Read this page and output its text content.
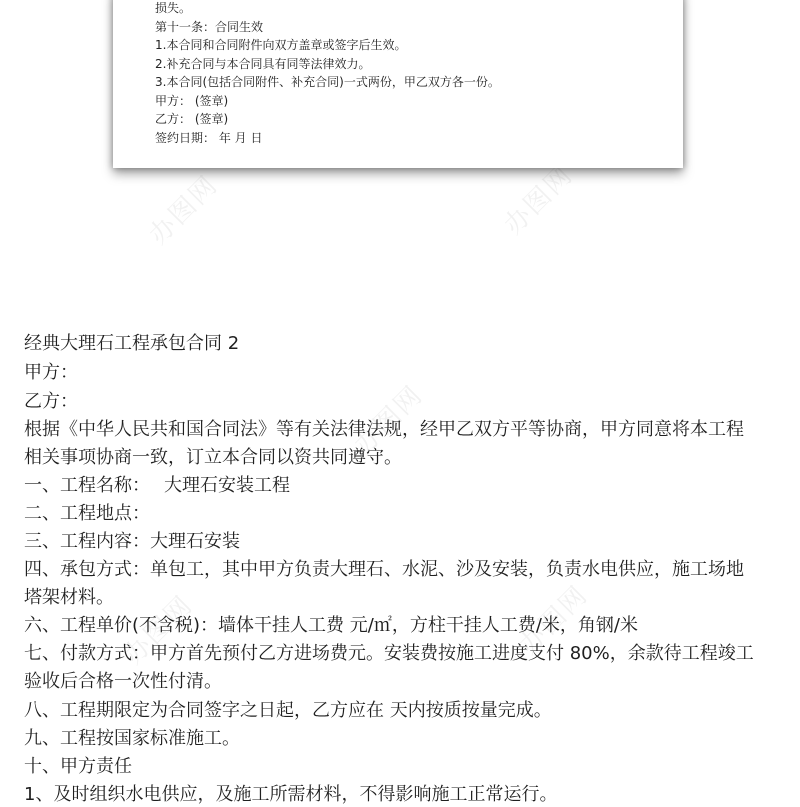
办图网	办图网
办图网
办图网	办图网
损失。
第十一条：合同生效
1.本合同和合同附件向双方盖章或签字后生效。
2.补充合同与本合同具有同等法律效力。
3.本合同(包括合同附件、补充合同)一式两份，甲乙双方各一份。
甲方： (签章)
乙方： (签章)
签约日期： 年 月 日
经典大理石工程承包合同 2
甲方：
乙方：
根据《中华人民共和国合同法》等有关法律法规，经甲乙双方平等协商，甲方同意将本工程
相关事项协商一致，订立本合同以资共同遵守。
一、工程名称： 大理石安装工程
二、工程地点：
三、工程内容：大理石安装
四、承包方式：单包工，其中甲方负责大理石、水泥、沙及安装，负责水电供应，施工场地
塔架材料。
六、工程单价(不含税)：墙体干挂人工费 元/㎡，方柱干挂人工费/米，角钢/米
七、付款方式：甲方首先预付乙方进场费元。安装费按施工进度支付 80%，余款待工程竣工
验收后合格一次性付清。
八、工程期限定为合同签字之日起，乙方应在 天内按质按量完成。
九、工程按国家标准施工。
十、甲方责任
1、及时组织水电供应，及施工所需材料，不得影响施工正常运行。
